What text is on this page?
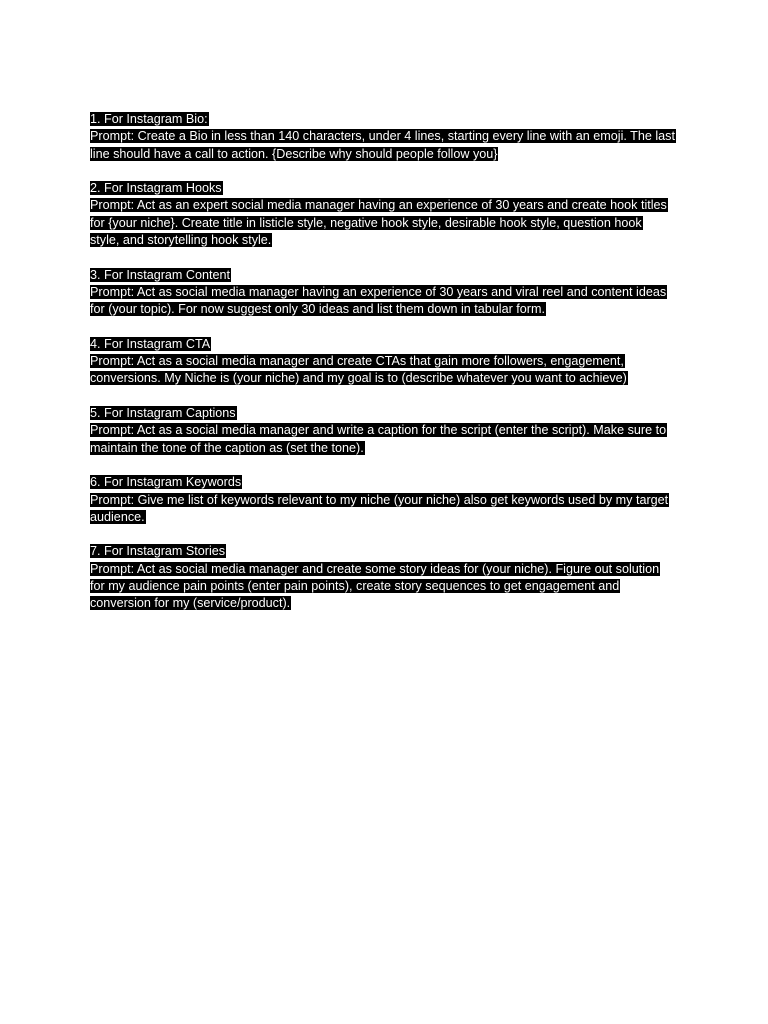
1. For Instagram Bio:
Prompt: Create a Bio in less than 140 characters, under 4 lines, starting every line with an emoji. The last
line should have a call to action. {Describe why should people follow you}
2. For Instagram Hooks
Prompt: Act as an expert social media manager having an experience of 30 years and create hook titles
for {your niche}. Create title in listicle style, negative hook style, desirable hook style, question hook
style, and storytelling hook style.
3. For Instagram Content
Prompt: Act as social media manager having an experience of 30 years and viral reel and content ideas
for (your topic). For now suggest only 30 ideas and list them down in tabular form.
4. For Instagram CTA
Prompt: Act as a social media manager and create CTAs that gain more followers, engagement,
conversions. My Niche is (your niche) and my goal is to (describe whatever you want to achieve)
5. For Instagram Captions
Prompt: Act as a social media manager and write a caption for the script (enter the script). Make sure to
maintain the tone of the caption as (set the tone).
6. For Instagram Keywords
Prompt: Give me list of keywords relevant to my niche (your niche) also get keywords used by my target
audience.
7. For Instagram Stories
Prompt: Act as social media manager and create some story ideas for (your niche). Figure out solution
for my audience pain points (enter pain points), create story sequences to get engagement and
conversion for my (service/product).
